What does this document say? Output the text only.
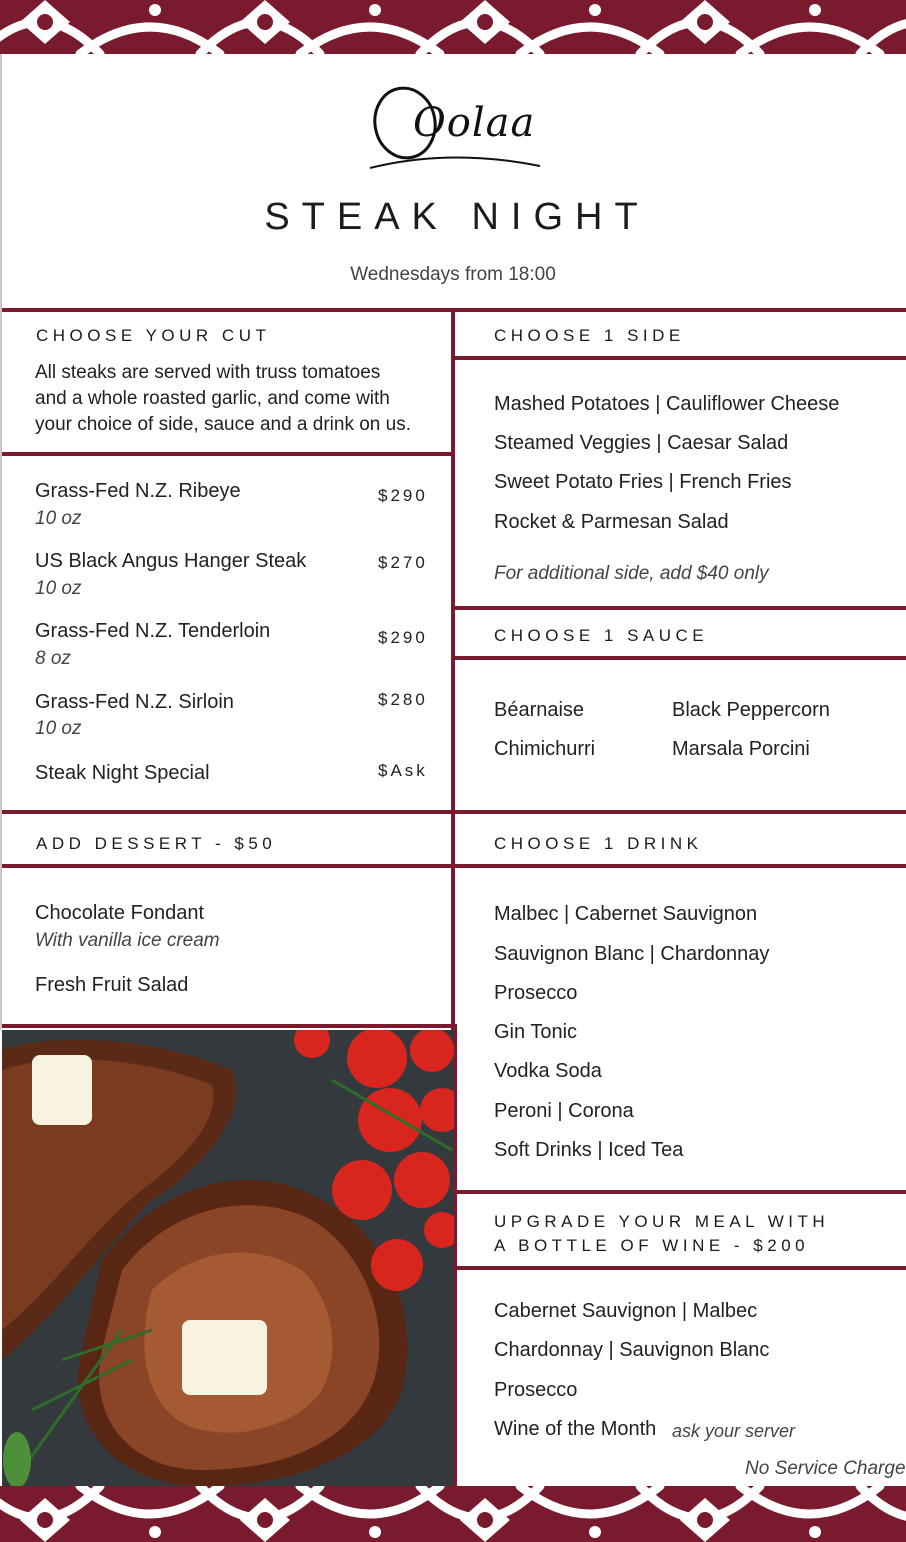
Oolaa
STEAK NIGHT
Wednesdays from 18:00
CHOOSE YOUR CUT
All steaks are served with truss tomatoes
and a whole roasted garlic, and come with
your choice of side, sauce and a drink on us.
Grass-Fed N.Z. Ribeye
10 oz
$290
US Black Angus Hanger Steak
10 oz
$270
Grass-Fed N.Z. Tenderloin
8 oz
$290
Grass-Fed N.Z. Sirloin
10 oz
$280
Steak Night Special	$Ask
CHOOSE 1 SIDE
Mashed Potatoes | Cauliflower Cheese
Steamed Veggies | Caesar Salad
Sweet Potato Fries | French Fries
Rocket & Parmesan Salad
For additional side, add $40 only
CHOOSE 1 SAUCE
Béarnaise	Black Peppercorn
Chimichurri	Marsala Porcini
ADD DESSERT - $50
Chocolate Fondant
With vanilla ice cream
Fresh Fruit Salad
CHOOSE 1 DRINK
Malbec | Cabernet Sauvignon
Sauvignon Blanc | Chardonnay
Prosecco
Gin Tonic
Vodka Soda
Peroni | Corona
Soft Drinks | Iced Tea
UPGRADE YOUR MEAL WITH
A BOTTLE OF WINE - $200
Cabernet Sauvignon | Malbec
Chardonnay | Sauvignon Blanc
Prosecco
Wine of the Month ask your server
No Service Charge
